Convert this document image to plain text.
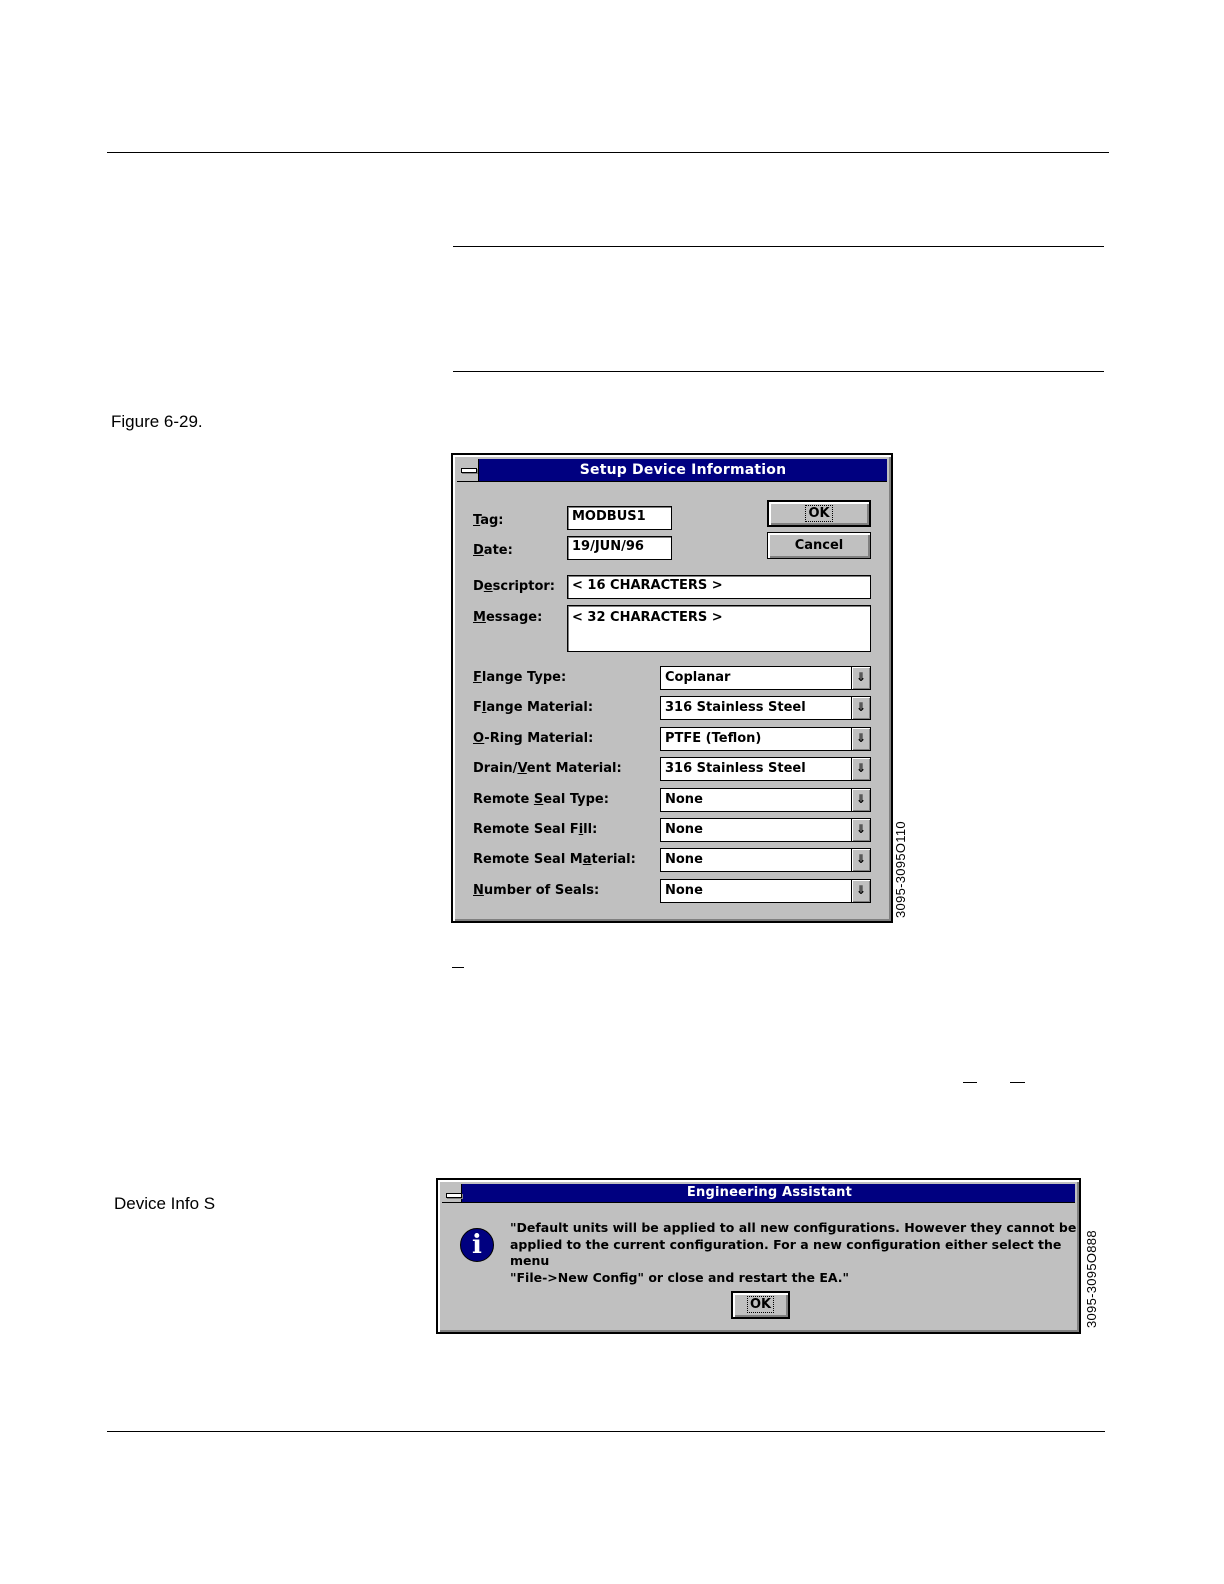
Figure 6-29.
Device Info S
Setup Device Information
Tag:	MODBUS1
Date:	19/JUN/96
OK
Cancel
Descriptor:	< 16 CHARACTERS >
Message:	< 32 CHARACTERS >
Flange Type:	Coplanar	⇓
Flange Material:	316 Stainless Steel	⇓
O-Ring Material:	PTFE (Teflon)	⇓
Drain/Vent Material:	316 Stainless Steel	⇓
Remote Seal Type:	None	⇓
Remote Seal Fill:	None	⇓
Remote Seal Material: None	⇓
Number of Seals:	None	⇓	3095-3095O110
Engineering Assistant
i
"Default units will be applied to all new configurations. However they cannot be
applied to the current configuration. For a new configuration either select the menu
"File->New Config" or close and restart the EA."
OK	3095-3095O888
